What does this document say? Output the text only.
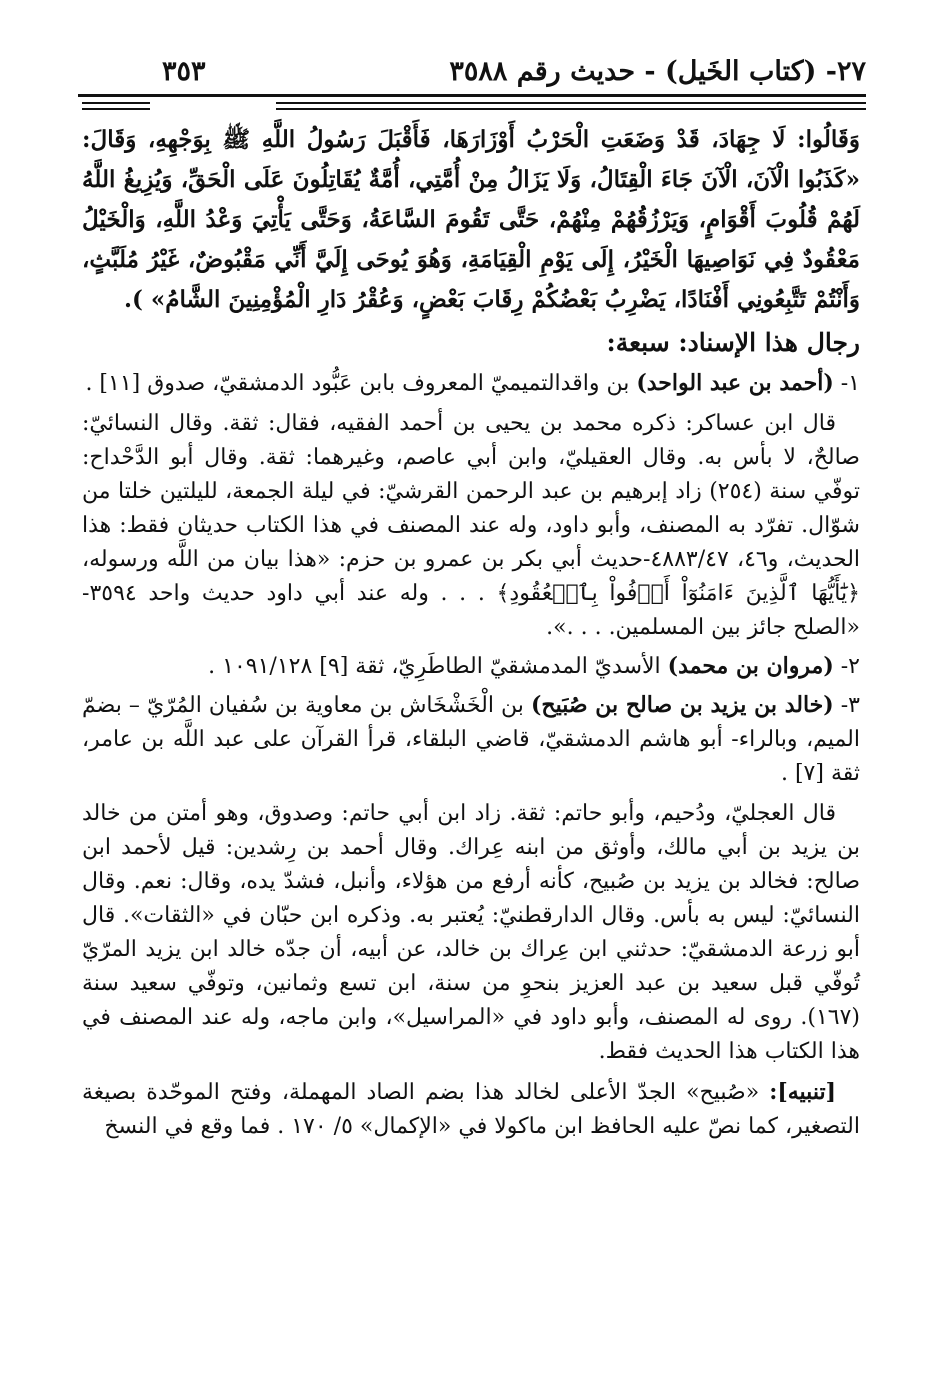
٢٧- (كتاب الخَيل) - حديث رقم ٣٥٨٨
٣٥٣

وَقَالُوا: لَا جِهَادَ، قَدْ وَضَعَتِ الْحَرْبُ أَوْزَارَهَا، فَأَقْبَلَ رَسُولُ اللَّهِ ﷺ بِوَجْهِهِ، وَقَالَ: «كَذَبُوا الْآنَ، الْآنَ جَاءَ الْقِتَالُ، وَلَا يَزَالُ مِنْ أُمَّتِي، أُمَّةٌ يُقَاتِلُونَ عَلَى الْحَقِّ، وَيُزِيغُ اللَّهُ لَهُمْ قُلُوبَ أَقْوَامٍ، وَيَرْزُقُهُمْ مِنْهُمْ، حَتَّى تَقُومَ السَّاعَةُ، وَحَتَّى يَأْتِيَ وَعْدُ اللَّهِ، وَالْخَيْلُ مَعْقُودٌ فِي نَوَاصِيهَا الْخَيْرُ، إِلَى يَوْمِ الْقِيَامَةِ، وَهُوَ يُوحَى إِلَيَّ أَنِّي مَقْبُوضٌ، غَيْرُ مُلَبَّثٍ، وَأَنْتُمْ تَتَّبِعُونِي أَفْنَادًا، يَضْرِبُ بَعْضُكُمْ رِقَابَ بَعْضٍ، وَعُقْرُ دَارِ الْمُؤْمِنِينَ الشَّامُ» ).

رجال هذا الإسناد: سبعة:

١- (أحمد بن عبد الواحد) بن واقدالتميميّ المعروف بابن عَبُّود الدمشقيّ، صدوق [١١] .

قال ابن عساكر: ذكره محمد بن يحيى بن أحمد الفقيه، فقال: ثقة. وقال النسائيّ: صالحٌ، لا بأس به. وقال العقيليّ، وابن أبي عاصم، وغيرهما: ثقة. وقال أبو الدَّحْداح: توفّي سنة (٢٥٤) زاد إبرهيم بن عبد الرحمن القرشيّ: في ليلة الجمعة، لليلتين خلتا من شوّال. تفرّد به المصنف، وأبو داود، وله عند المصنف في هذا الكتاب حديثان فقط: هذا الحديث، و٤٦، ٤٨٨٣/٤٧-حديث أبي بكر بن عمرو بن حزم: «هذا بيان من اللَّه ورسوله، ﴿يَٰٓأَيُّهَا ٱلَّذِينَ ءَامَنُوٓاْ أَوۡفُواْ بِٱلۡعُقُودِ﴾ . . . وله عند أبي داود حديث واحد ٣٥٩٤- «الصلح جائز بين المسلمين. . . .».

٢- (مروان بن محمد) الأسديّ المدمشقيّ الطاطَرِيّ، ثقة [٩] ١٠٩١/١٢٨ .

٣- (خالد بن يزيد بن صالح بن صُبَيح) بن الْخَشْخَاش بن معاوية بن سُفيان المُرّيّ – بضمّ الميم، وبالراء- أبو هاشم الدمشقيّ، قاضي البلقاء، قرأ القرآن على عبد اللَّه بن عامر، ثقة [٧] .

قال العجليّ، ودُحيم، وأبو حاتم: ثقة. زاد ابن أبي حاتم: وصدوق، وهو أمتن من خالد بن يزيد بن أبي مالك، وأوثق من ابنه عِراك. وقال أحمد بن رِشدين: قيل لأحمد ابن صالح: فخالد بن يزيد بن صُبيح، كأنه أرفع من هؤلاء، وأنبل، فشدّ يده، وقال: نعم. وقال النسائيّ: ليس به بأس. وقال الدارقطنيّ: يُعتبر به. وذكره ابن حبّان في «الثقات». قال أبو زرعة الدمشقيّ: حدثني ابن عِراك بن خالد، عن أبيه، أن جدّه خالد ابن يزيد المرّيّ تُوفّي قبل سعيد بن عبد العزيز بنحوِ من سنة، ابن تسع وثمانين، وتوفّي سعيد سنة (١٦٧). روى له المصنف، وأبو داود في «المراسيل»، وابن ماجه، وله عند المصنف في هذا الكتاب هذا الحديث فقط.

[تنبيه]: «صُبيح» الجدّ الأعلى لخالد هذا بضم الصاد المهملة، وفتح الموحّدة بصيغة التصغير، كما نصّ عليه الحافظ ابن ماكولا في «الإكمال» ٥/ ١٧٠ . فما وقع في النسخ
